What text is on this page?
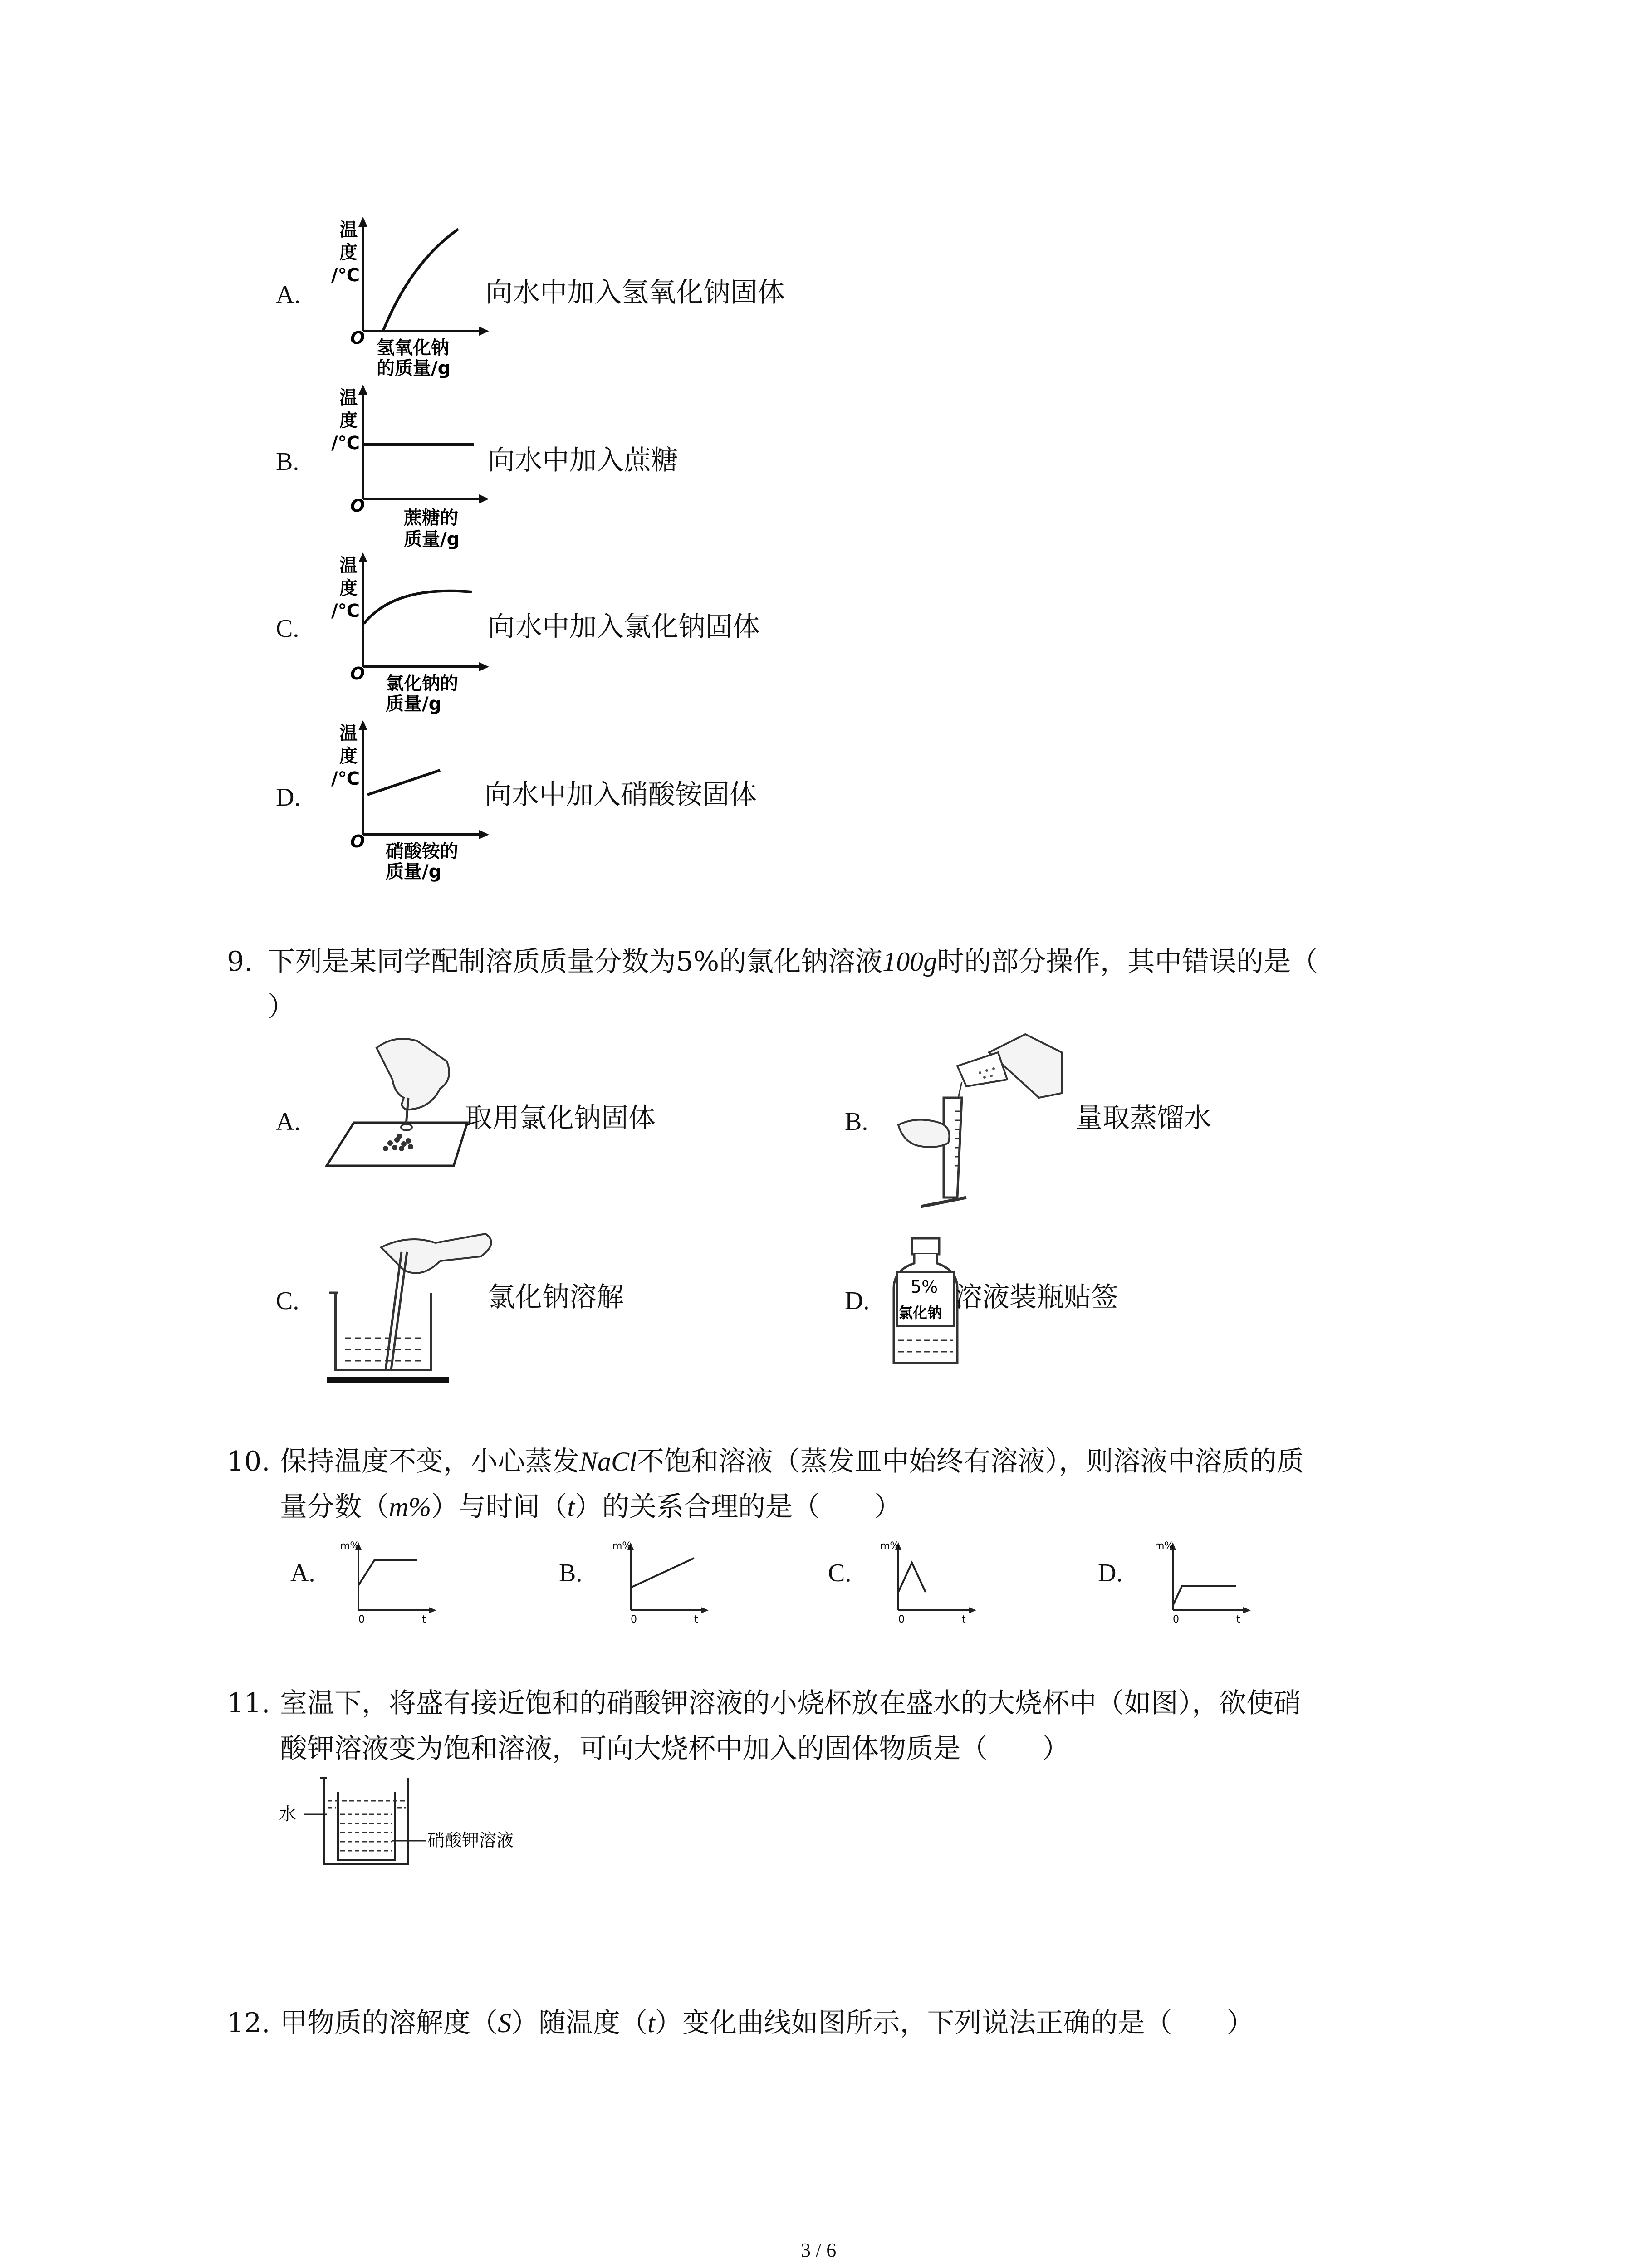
A.
温
度
/℃
O 氢氧化钠
的质量/g
向水中加入氢氧化钠固体
B.
温
度
/℃
O
蔗糖的
质量/g
向水中加入蔗糖
C.
温
度
/℃
O 氯化钠的
质量/g
向水中加入氯化钠固体
D.
温
度
/℃
O 硝酸铵的
质量/g
向水中加入硝酸铵固体
9. 下列是某同学配制溶质质量分数为5%的氯化钠溶液100g时的部分操作，其中错误的是（
）
A.	取用氯化钠固体	B.	量取蒸馏水
C.	氯化钠溶解	D. 5%
氯化钠 溶液装瓶贴签
10. 保持温度不变，小心蒸发NaCl不饱和溶液（蒸发皿中始终有溶液），则溶液中溶质的质
量分数（m%）与时间（t）的关系合理的是（　　）
A.
m%
0	t
B.
m%
0	t
C.
m%
0	t
D.
m%
0	t
11. 室温下，将盛有接近饱和的硝酸钾溶液的小烧杯放在盛水的大烧杯中（如图），欲使硝
酸钾溶液变为饱和溶液，可向大烧杯中加入的固体物质是（　　）
水
硝酸钾溶液
12. 甲物质的溶解度（S）随温度（t）变化曲线如图所示，下列说法正确的是（　　）
3 / 6
